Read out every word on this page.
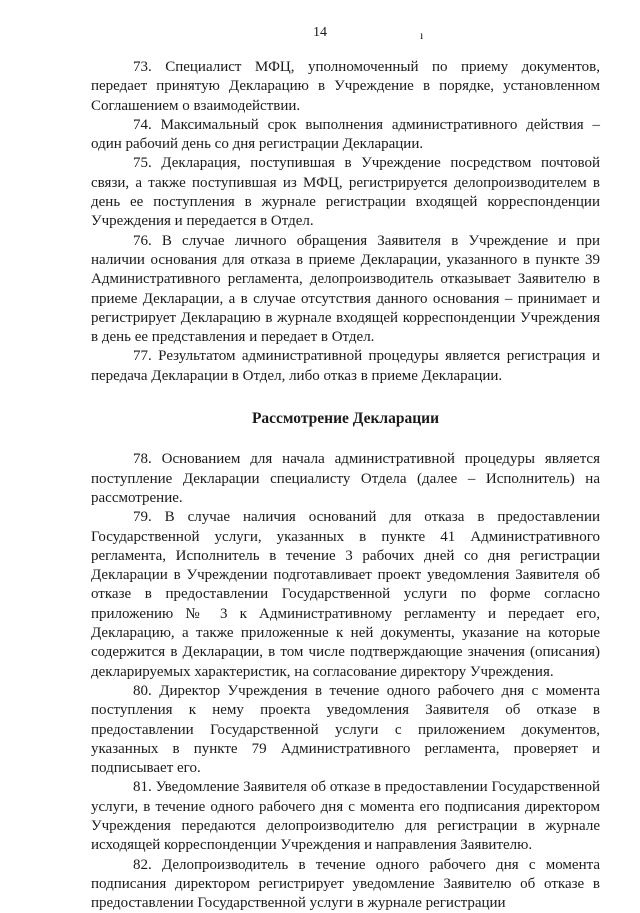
14	ı

73. Специалист МФЦ, уполномоченный по приему документов, передает принятую Декларацию в Учреждение в порядке, установленном Соглашением о взаимодействии.

74. Максимальный срок выполнения административного действия – один рабочий день со дня регистрации Декларации.

75. Декларация, поступившая в Учреждение посредством почтовой связи, а также поступившая из МФЦ, регистрируется делопроизводителем в день ее поступления в журнале регистрации входящей корреспонденции Учреждения и передается в Отдел.

76. В случае личного обращения Заявителя в Учреждение и при наличии основания для отказа в приеме Декларации, указанного в пункте 39 Административного регламента, делопроизводитель отказывает Заявителю в приеме Декларации, а в случае отсутствия данного основания – принимает и регистрирует Декларацию в журнале входящей корреспонденции Учреждения в день ее представления и передает в Отдел.

77. Результатом административной процедуры является регистрация и передача Декларации в Отдел, либо отказ в приеме Декларации.

Рассмотрение Декларации

78. Основанием для начала административной процедуры является поступление Декларации специалисту Отдела (далее – Исполнитель) на рассмотрение.

79. В случае наличия оснований для отказа в предоставлении Государственной услуги, указанных в пункте 41 Административного регламента, Исполнитель в течение 3 рабочих дней со дня регистрации Декларации в Учреждении подготавливает проект уведомления Заявителя об отказе в предоставлении Государственной услуги по форме согласно приложению № 3 к Административному регламенту и передает его, Декларацию, а также приложенные к ней документы, указание на которые содержится в Декларации, в том числе подтверждающие значения (описания) декларируемых характеристик, на согласование директору Учреждения.

80. Директор Учреждения в течение одного рабочего дня с момента поступления к нему проекта уведомления Заявителя об отказе в предоставлении Государственной услуги с приложением документов, указанных в пункте 79 Административного регламента, проверяет и подписывает его.

81. Уведомление Заявителя об отказе в предоставлении Государственной услуги, в течение одного рабочего дня с момента его подписания директором Учреждения передаются делопроизводителю для регистрации в журнале исходящей корреспонденции Учреждения и направления Заявителю.

82. Делопроизводитель в течение одного рабочего дня с момента подписания директором регистрирует уведомление Заявителю об отказе в предоставлении Государственной услуги в журнале регистрации
